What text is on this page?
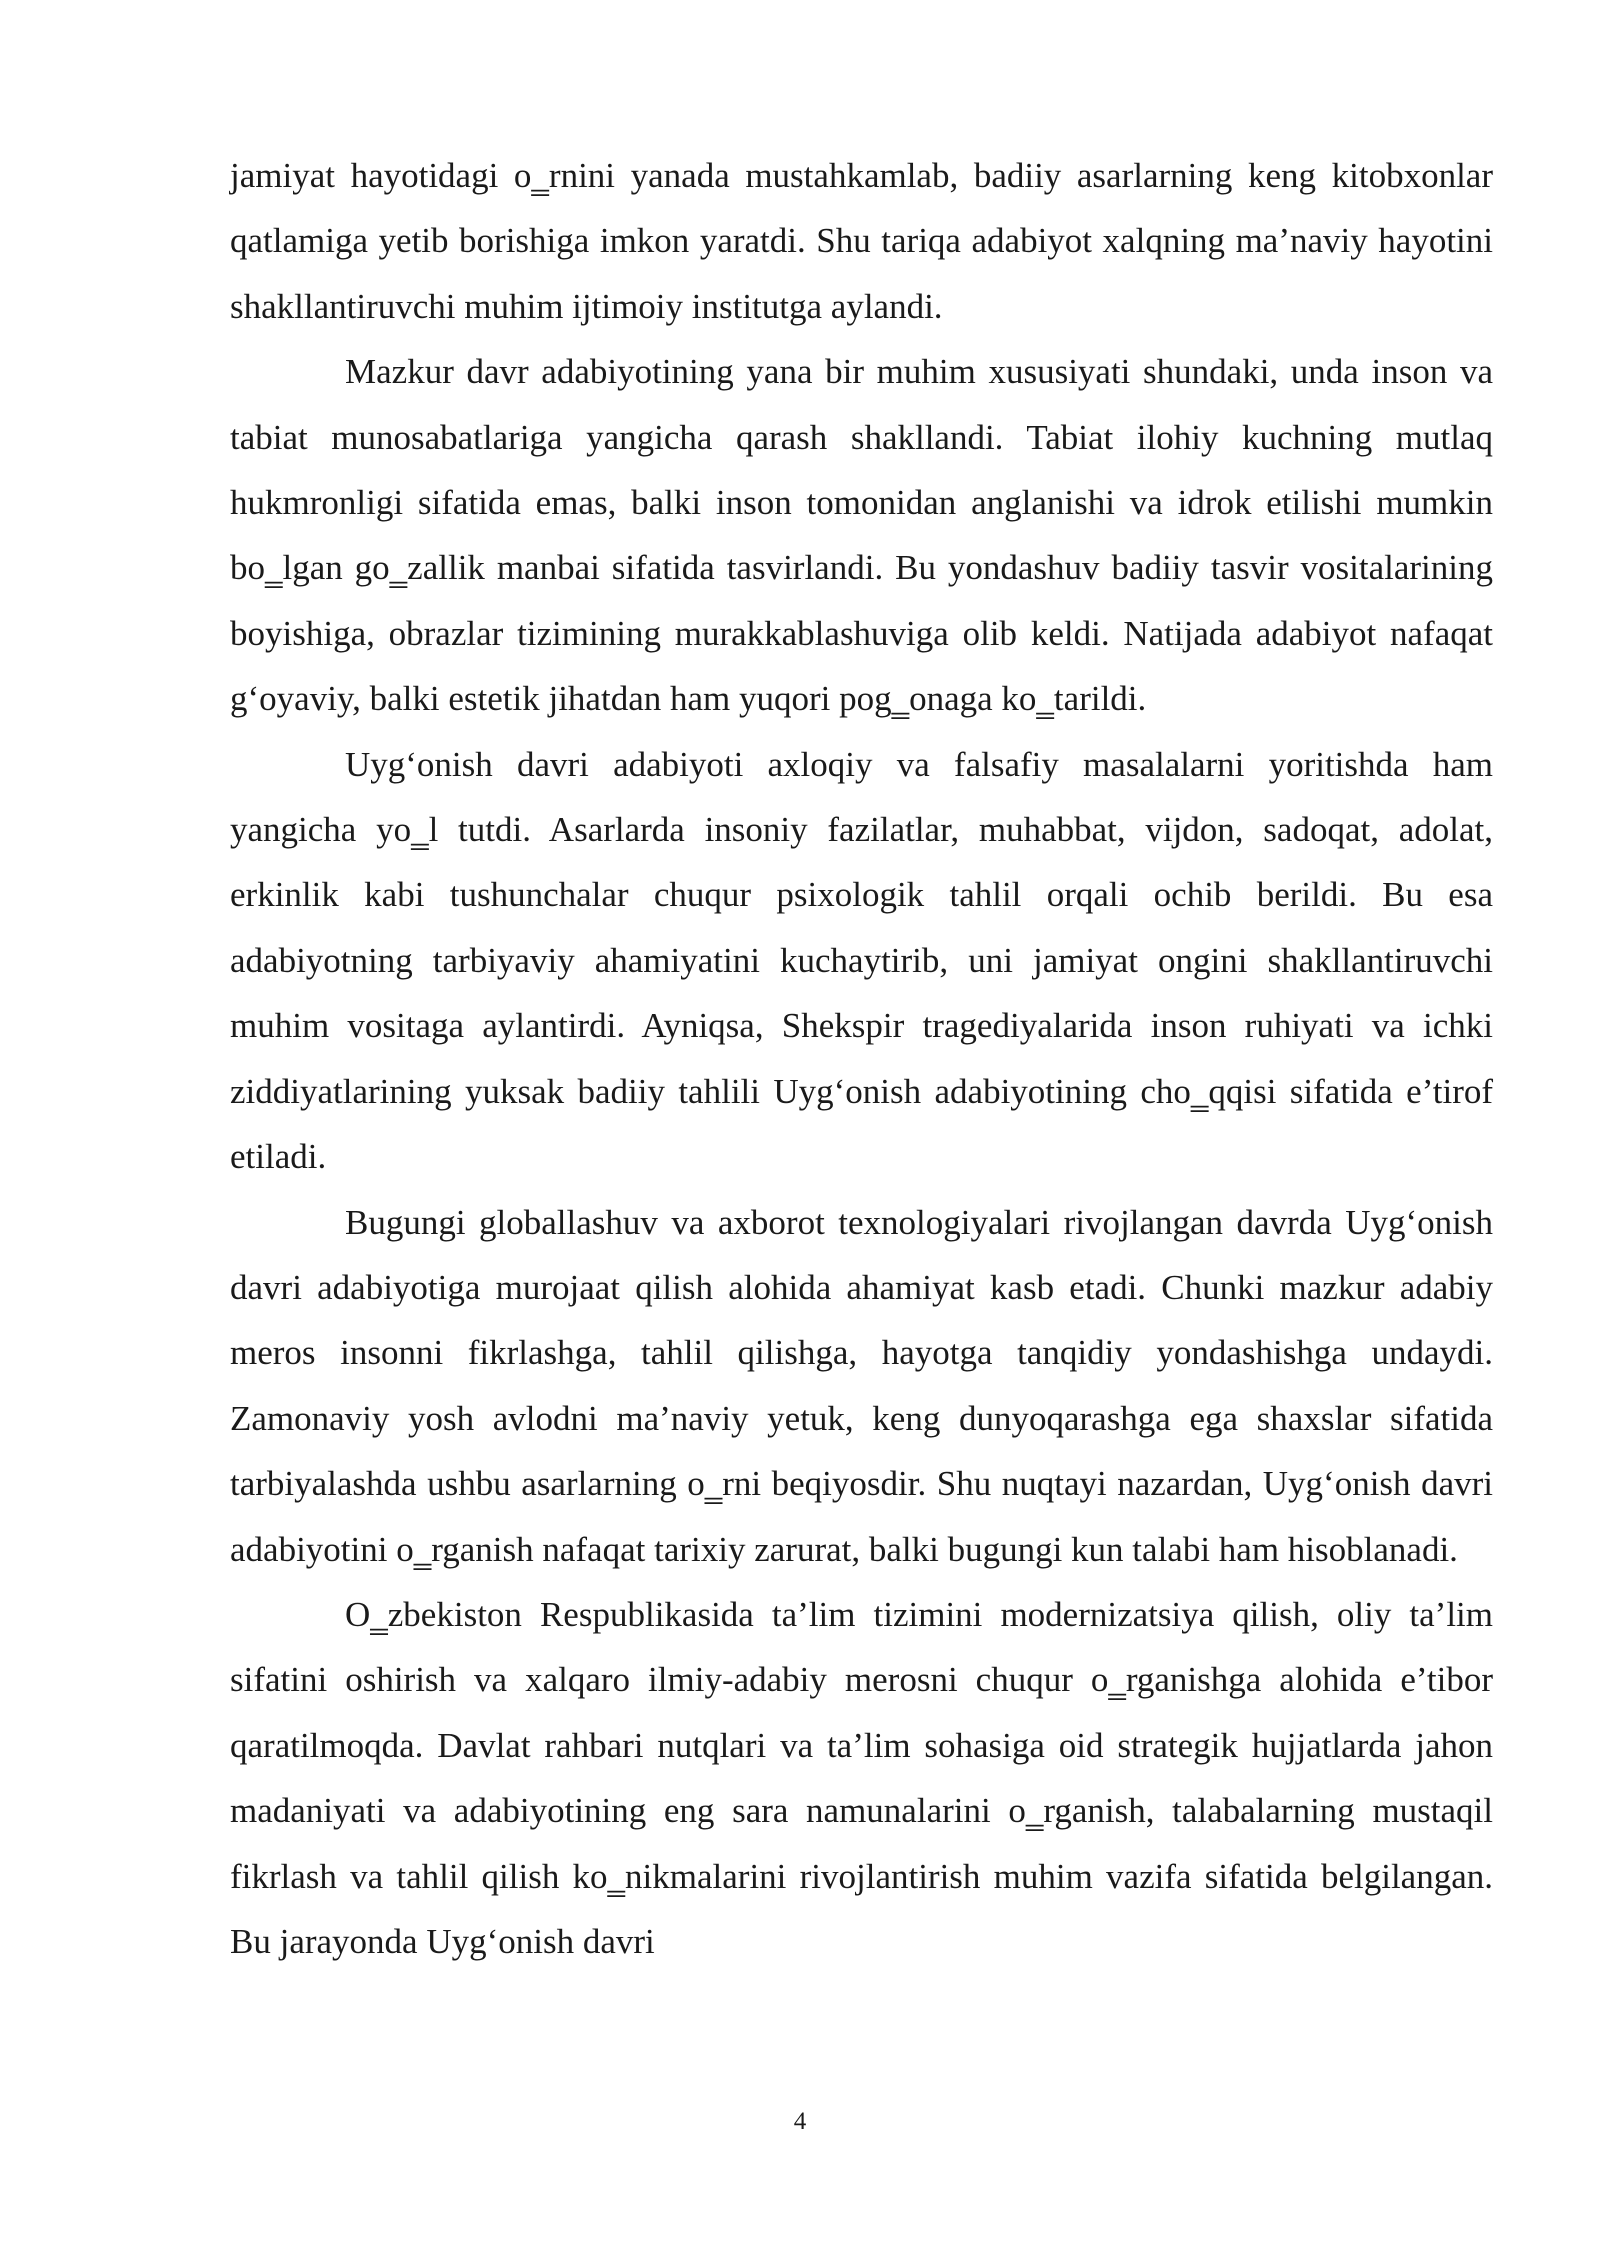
jamiyat hayotidagi o‗rnini yanada mustahkamlab, badiiy asarlarning keng kitobxonlar qatlamiga yetib borishiga imkon yaratdi. Shu tariqa adabiyot xalqning ma’naviy hayotini shakllantiruvchi muhim ijtimoiy institutga aylandi.

Mazkur davr adabiyotining yana bir muhim xususiyati shundaki, unda inson va tabiat munosabatlariga yangicha qarash shakllandi. Tabiat ilohiy kuchning mutlaq hukmronligi sifatida emas, balki inson tomonidan anglanishi va idrok etilishi mumkin bo‗lgan go‗zallik manbai sifatida tasvirlandi. Bu yondashuv badiiy tasvir vositalarining boyishiga, obrazlar tizimining murakkablashuviga olib keldi. Natijada adabiyot nafaqat g‘oyaviy, balki estetik jihatdan ham yuqori pog‗onaga ko‗tarildi.

Uyg‘onish davri adabiyoti axloqiy va falsafiy masalalarni yoritishda ham yangicha yo‗l tutdi. Asarlarda insoniy fazilatlar, muhabbat, vijdon, sadoqat, adolat, erkinlik kabi tushunchalar chuqur psixologik tahlil orqali ochib berildi. Bu esa adabiyotning tarbiyaviy ahamiyatini kuchaytirib, uni jamiyat ongini shakllantiruvchi muhim vositaga aylantirdi. Ayniqsa, Shekspir tragediyalarida inson ruhiyati va ichki ziddiyatlarining yuksak badiiy tahlili Uyg‘onish adabiyotining cho‗qqisi sifatida e’tirof etiladi.

Bugungi globallashuv va axborot texnologiyalari rivojlangan davrda Uyg‘onish davri adabiyotiga murojaat qilish alohida ahamiyat kasb etadi. Chunki mazkur adabiy meros insonni fikrlashga, tahlil qilishga, hayotga tanqidiy yondashishga undaydi. Zamonaviy yosh avlodni ma’naviy yetuk, keng dunyoqarashga ega shaxslar sifatida tarbiyalashda ushbu asarlarning o‗rni beqiyosdir. Shu nuqtayi nazardan, Uyg‘onish davri adabiyotini o‗rganish nafaqat tarixiy zarurat, balki bugungi kun talabi ham hisoblanadi.

O‗zbekiston Respublikasida ta’lim tizimini modernizatsiya qilish, oliy ta’lim sifatini oshirish va xalqaro ilmiy-adabiy merosni chuqur o‗rganishga alohida e’tibor qaratilmoqda. Davlat rahbari nutqlari va ta’lim sohasiga oid strategik hujjatlarda jahon madaniyati va adabiyotining eng sara namunalarini o‗rganish, talabalarning mustaqil fikrlash va tahlil qilish ko‗nikmalarini rivojlantirish muhim vazifa sifatida belgilangan. Bu jarayonda Uyg‘onish davri

4
